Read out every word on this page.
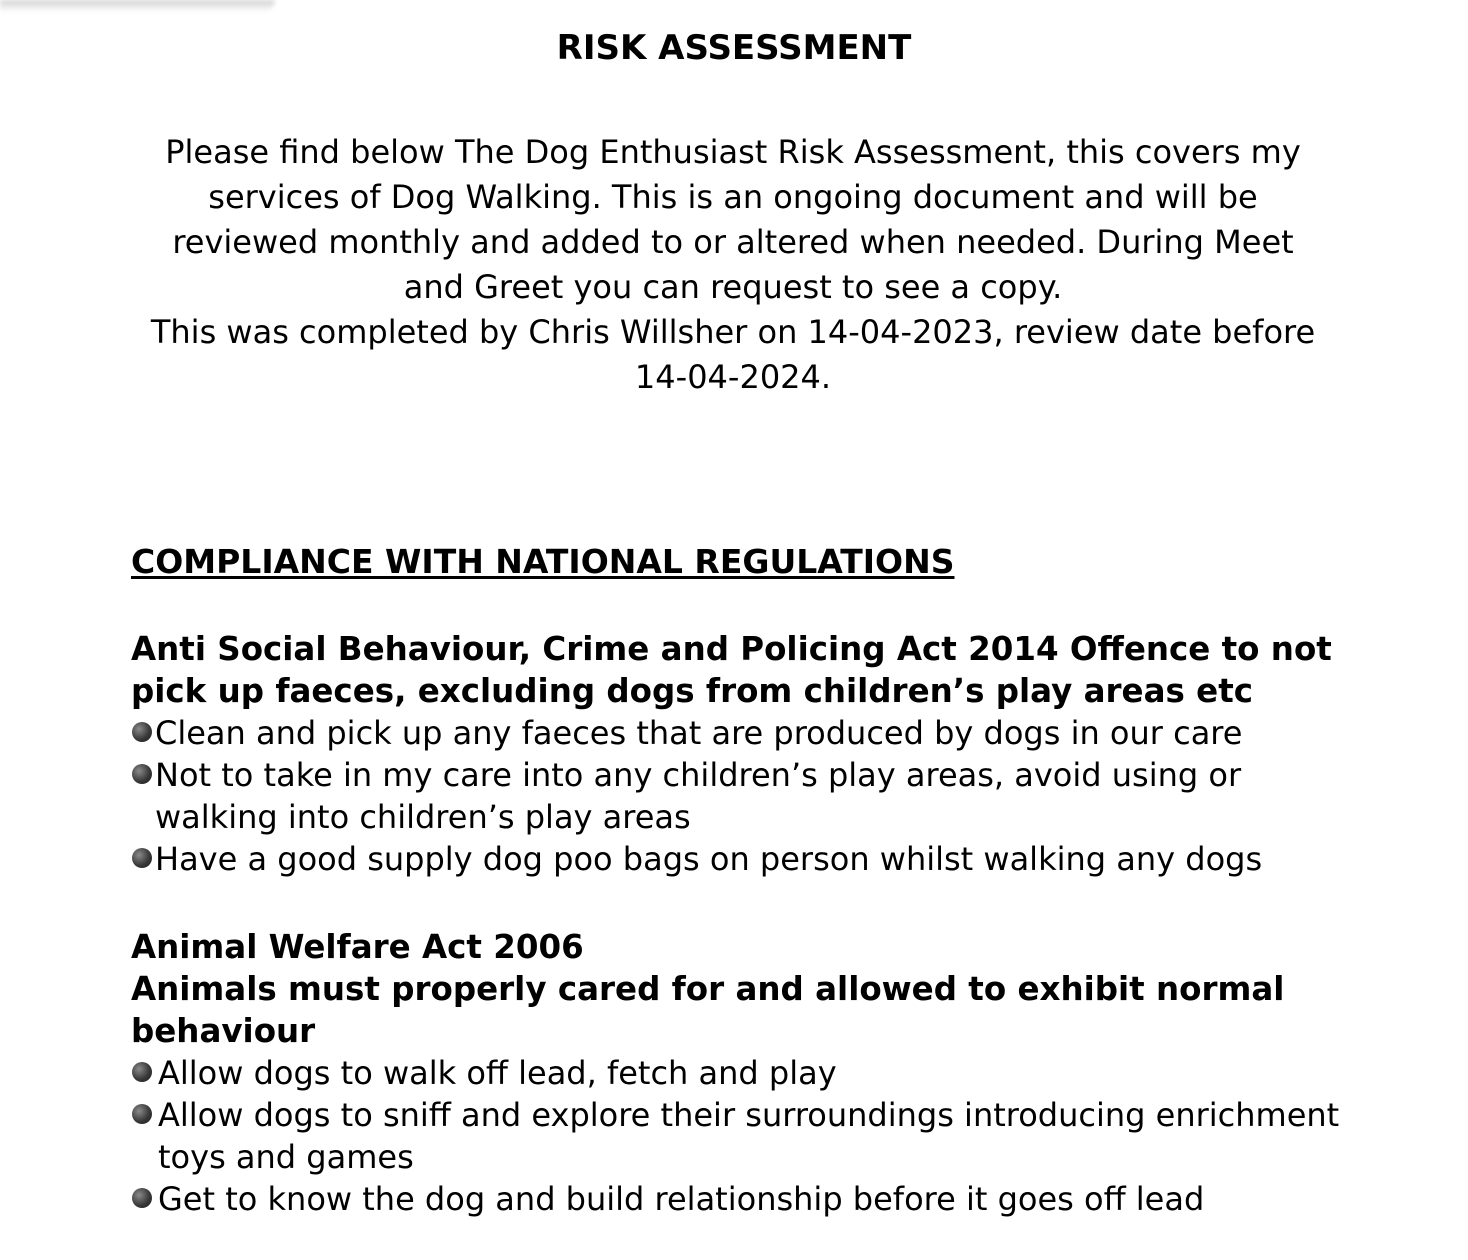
RISK ASSESSMENT

Please find below The Dog Enthusiast Risk Assessment, this covers my services of Dog Walking. This is an ongoing document and will be reviewed monthly and added to or altered when needed. During Meet and Greet you can request to see a copy.

This was completed by Chris Willsher on 14-04-2023, review date before 14-04-2024.

COMPLIANCE WITH NATIONAL REGULATIONS
Anti Social Behaviour, Crime and Policing Act 2014 Offence to not pick up faeces, excluding dogs from children’s play areas etc
Clean and pick up any faeces that are produced by dogs in our care
Not to take in my care into any children’s play areas, avoid using or walking into children’s play areas
Have a good supply dog poo bags on person whilst walking any dogs
Animal Welfare Act 2006
Animals must properly cared for and allowed to exhibit normal behaviour
Allow dogs to walk off lead, fetch and play
Allow dogs to sniff and explore their surroundings introducing enrichment toys and games
Get to know the dog and build relationship before it goes off lead
